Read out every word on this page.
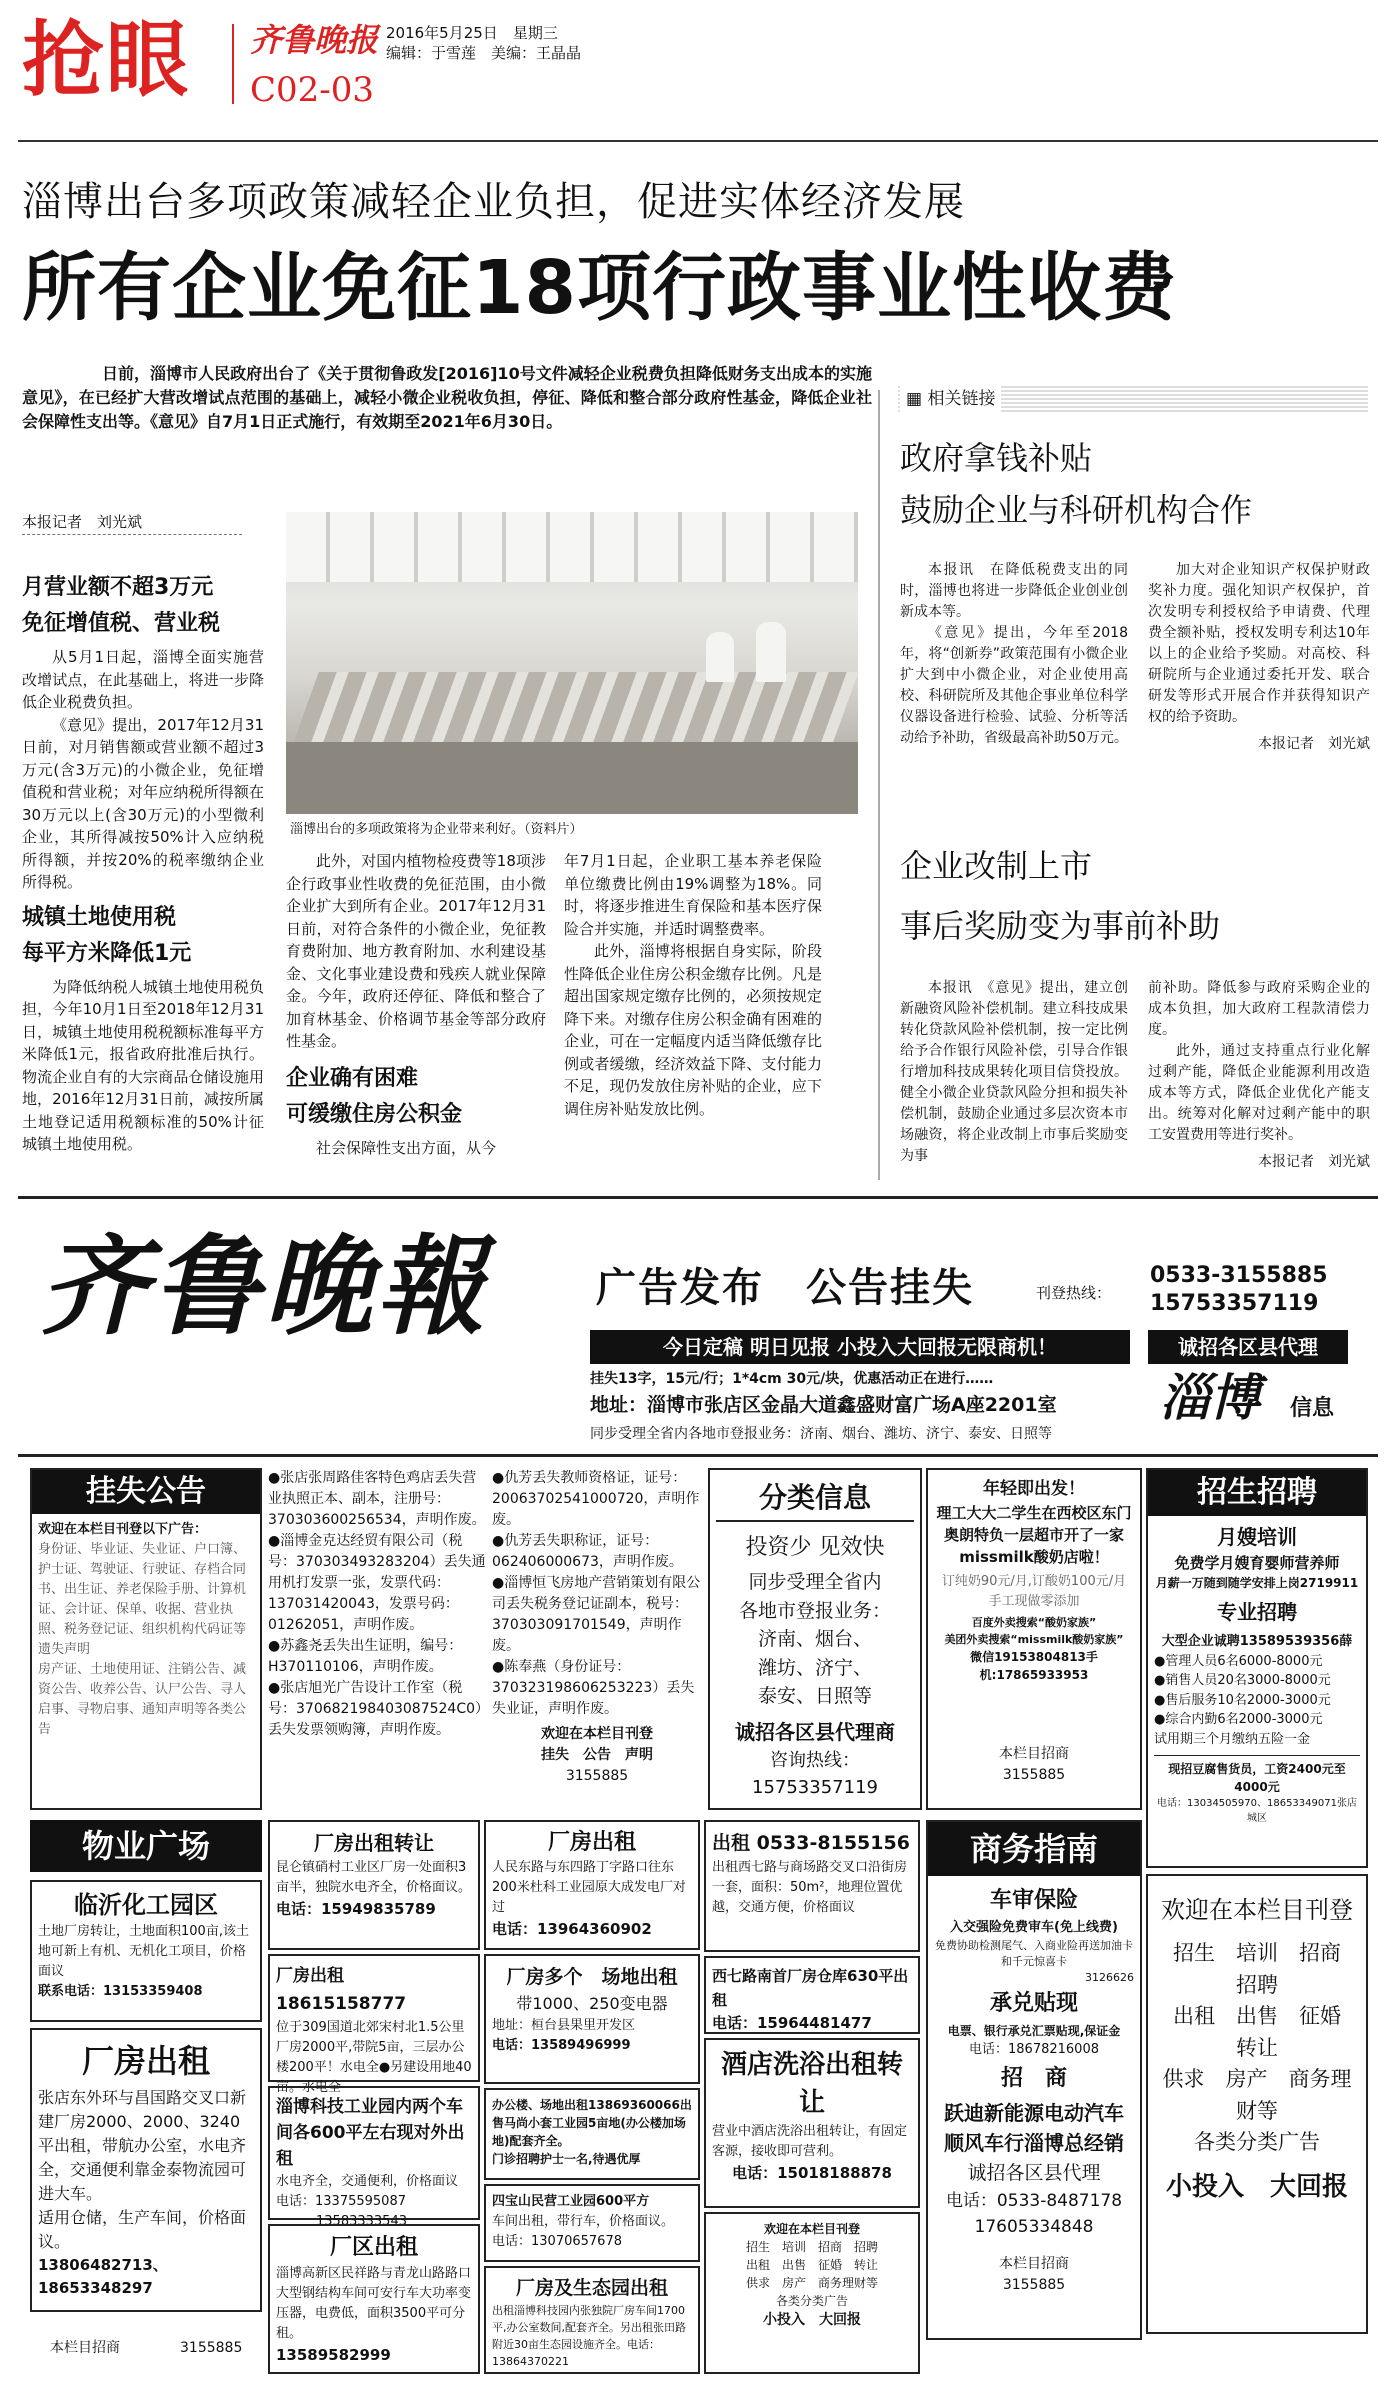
抢眼 齐鲁晚报
C02-03
2016年5月25日　 星期三
编辑：于雪莲　 美编：王晶晶
淄博出台多项政策减轻企业负担，促进实体经济发展
所有企业免征18项行政事业性收费
日前，淄博市人民政府出台了《关于贯彻鲁政发[2016]10号文件减轻企业税费负担降低财务支出成本的实施意见》，在已经扩大营改增试点范围的基础上，减轻小微企业税收负担，停征、降低和整合部分政府性基金，降低企业社会保障性支出等。《意见》自7月1日正式施行，有效期至2021年6月30日。
本报记者　刘光斌
月营业额不超3万元
免征增值税、营业税

从5月1日起，淄博全面实施营改增试点，在此基础上，将进一步降低企业税费负担。

《意见》提出，2017年12月31日前，对月销售额或营业额不超过3万元(含3万元)的小微企业，免征增值税和营业税；对年应纳税所得额在30万元以上(含30万元)的小型微利企业，其所得减按50%计入应纳税所得额，并按20%的税率缴纳企业所得税。

城镇土地使用税
每平方米降低1元

为降低纳税人城镇土地使用税负担，今年10月1日至2018年12月31日，城镇土地使用税税额标准每平方米降低1元，报省政府批准后执行。物流企业自有的大宗商品仓储设施用地，2016年12月31日前，减按所属土地登记适用税额标准的50%计征城镇土地使用税。

淄博出台的多项政策将为企业带来利好。（资料片）

此外，对国内植物检疫费等18项涉企行政事业性收费的免征范围，由小微企业扩大到所有企业。2017年12月31日前，对符合条件的小微企业，免征教育费附加、地方教育附加、水利建设基金、文化事业建设费和残疾人就业保障金。今年，政府还停征、降低和整合了加育林基金、价格调节基金等部分政府性基金。

企业确有困难
可缓缴住房公积金

社会保障性支出方面，从今

年7月1日起，企业职工基本养老保险单位缴费比例由19%调整为18%。同时，将逐步推进生育保险和基本医疗保险合并实施，并适时调整费率。

此外，淄博将根据自身实际，阶段性降低企业住房公积金缴存比例。凡是超出国家规定缴存比例的，必须按规定降下来。对缴存住房公积金确有困难的企业，可在一定幅度内适当降低缴存比例或者缓缴，经济效益下降、支付能力不足，现仍发放住房补贴的企业，应下调住房补贴发放比例。

▦ 相关链接
政府拿钱补贴
鼓励企业与科研机构合作

本报讯　在降低税费支出的同时，淄博也将进一步降低企业创业创新成本等。

《意见》提出，今年至2018年，将“创新券”政策范围有小微企业扩大到中小微企业，对企业使用高校、科研院所及其他企事业单位科学仪器设备进行检验、试验、分析等活动给予补助，省级最高补助50万元。

加大对企业知识产权保护财政奖补力度。强化知识产权保护，首次发明专利授权给予申请费、代理费全额补贴，授权发明专利达10年以上的企业给予奖励。对高校、科研院所与企业通过委托开发、联合研发等形式开展合作并获得知识产权的给予资助。

本报记者　刘光斌
企业改制上市
事后奖励变为事前补助

本报讯　《意见》提出，建立创新融资风险补偿机制。建立科技成果转化贷款风险补偿机制，按一定比例给予合作银行风险补偿，引导合作银行增加科技成果转化项目信贷投放。健全小微企业贷款风险分担和损失补偿机制，鼓励企业通过多层次资本市场融资，将企业改制上市事后奖励变为事

前补助。降低参与政府采购企业的成本负担，加大政府工程款清偿力度。

此外，通过支持重点行业化解过剩产能，降低企业能源利用改造成本等方式，降低企业优化产能支出。统筹对化解对过剩产能中的职工安置费用等进行奖补。

本报记者　刘光斌
齐鲁晚報	广告发布　公告挂失	刊登热线：
0533-3155885
15753357119
今日定稿 明日见报 小投入大回报无限商机！	诚招各区县代理
挂失13字，15元/行；1*4cm 30元/块，优惠活动正在进行……
地址：淄博市张店区金晶大道鑫盛财富广场A座2201室
同步受理全省内各地市登报业务：济南、烟台、潍坊、济宁、泰安、日照等
淄博 信息
挂失公告
欢迎在本栏目刊登以下广告：
身份证、毕业证、失业证、户口簿、护士证、驾驶证、行驶证、存档合同书、出生证、养老保险手册、计算机证、会计证、保单、收据、营业执照、税务登记证、组织机构代码证等遗失声明
房产证、土地使用证、注销公告、减资公告、收养公告、认尸公告、寻人启事、寻物启事、通知声明等各类公告
●张店张周路佳客特色鸡店丢失营业执照正本、副本，注册号：370303600256534，声明作废。
●淄博金克达经贸有限公司（税号：370303493283204）丢失通用机打发票一张，发票代码：137031420043，发票号码：01262051，声明作废。
●苏鑫尧丢失出生证明，编号：H370110106，声明作废。
●张店旭光广告设计工作室（税号：370682198403087524C0）丢失发票领购簿，声明作废。
●仇芳丢失教师资格证，证号：20063702541000720，声明作废。
●仇芳丢失职称证，证号：062406000673，声明作废。
●淄博恒飞房地产营销策划有限公司丢失税务登记证副本，税号：370303091701549，声明作废。
●陈奉燕（身份证号：370323198606253223）丢失失业证，声明作废。
欢迎在本栏目刊登
挂失　公告　声明
3155885
分类信息
投资少 见效快
同步受理全省内
各地市登报业务：
济南、烟台、
潍坊、济宁、
泰安、日照等
诚招各区县代理商
咨询热线：15753357119
年轻即出发！
理工大大二学生在西校区东门奥朗特负一层超市开了一家missmilk酸奶店啦！
订纯奶90元/月,订酸奶100元/月
手工现做零添加
百度外卖搜索“酸奶家族”
美团外卖搜索“missmilk酸奶家族”
微信19153804813手机:17865933953
本栏目招商
3155885
招生招聘
月嫂培训
免费学月嫂育婴师营养师
月薪一万随到随学安排上岗2719911
专业招聘
大型企业诚聘13589539356薛
●管理人员6名6000-8000元
●销售人员20名3000-8000元
●售后服务10名2000-3000元
●综合内勤6名2000-3000元
试用期三个月缴纳五险一金
现招豆腐售货员，工资2400元至4000元
电话：13034505970、18653349071张店城区
物业广场
临沂化工园区
土地厂房转让，土地面积100亩,该土地可新上有机、无机化工项目，价格面议
联系电话：13153359408
厂房出租
张店东外环与昌国路交叉口新建厂房2000、2000、3240平出租，带航办公室，水电齐全，交通便利靠金泰物流园可进大车。
适用仓储，生产车间，价格面议。
13806482713、18653348297
本栏目招商	3155885
厂房出租转让
昆仑镇硝村工业区厂房一处面积3亩半，独院水电齐全，价格面议。
电话：15949835789
厂房出租 18615158777
位于309国道北郊宋村北1.5公里厂房2000平,带院5亩，三层办公楼200平！水电全●另建设用地40亩。水电全
淄博科技工业园内两个车间各600平左右现对外出租
水电齐全，交通便利，价格面议
电话：13375595087
13583333543
厂区出租
淄博高新区民祥路与青龙山路路口大型钢结构车间可安行车大功率变压器，电费低，面积3500平可分租。
13589582999
厂房出租
人民东路与东四路丁字路口往东200米杜科工业园原大成发电厂对过
电话：13964360902
厂房多个　场地出租
带1000、250变电器
地址：桓台县果里开发区
电话：13589496999
办公楼、场地出租13869360066出售马尚小套工业园5亩地(办公楼加场地)配套齐全。
门诊招聘护士一名,待遇优厚
四宝山民营工业园600平方
车间出租，带行车，价格面议。
电话：13070657678
厂房及生态园出租
出租淄博科技园内张独院厂房车间1700平,办公室数间,配套齐全。另出租张田路附近30亩生态园设施齐全。电话：13864370221
出租 0533-8155156
出租西七路与商场路交叉口沿街房一套，面积：50m²，地理位置优越，交通方便，价格面议
西七路南首厂房仓库630平出租
电话：15964481477
酒店洗浴出租转让
营业中酒店洗浴出租转让，有固定客源，接收即可营利。
电话：15018188878
欢迎在本栏目刊登
招生　培训　招商　招聘
出租　出售　征婚　转让
供求　房产　商务理财等
各类分类广告
小投入　大回报
商务指南
车审保险
入交强险免费审车(免上线费)
免费协助检测尾气、入商业险再送加油卡和千元惊喜卡
3126626
承兑贴现
电票、银行承兑汇票贴现,保证金
电话：18678216008
招　商
跃迪新能源电动汽车
顺风车行淄博总经销
诚招各区县代理
电话：0533-8487178
17605334848
本栏目招商
3155885
欢迎在本栏目刊登
招生　培训　招商　招聘
出租　出售　征婚　转让
供求　房产　商务理财等
各类分类广告
小投入　大回报
